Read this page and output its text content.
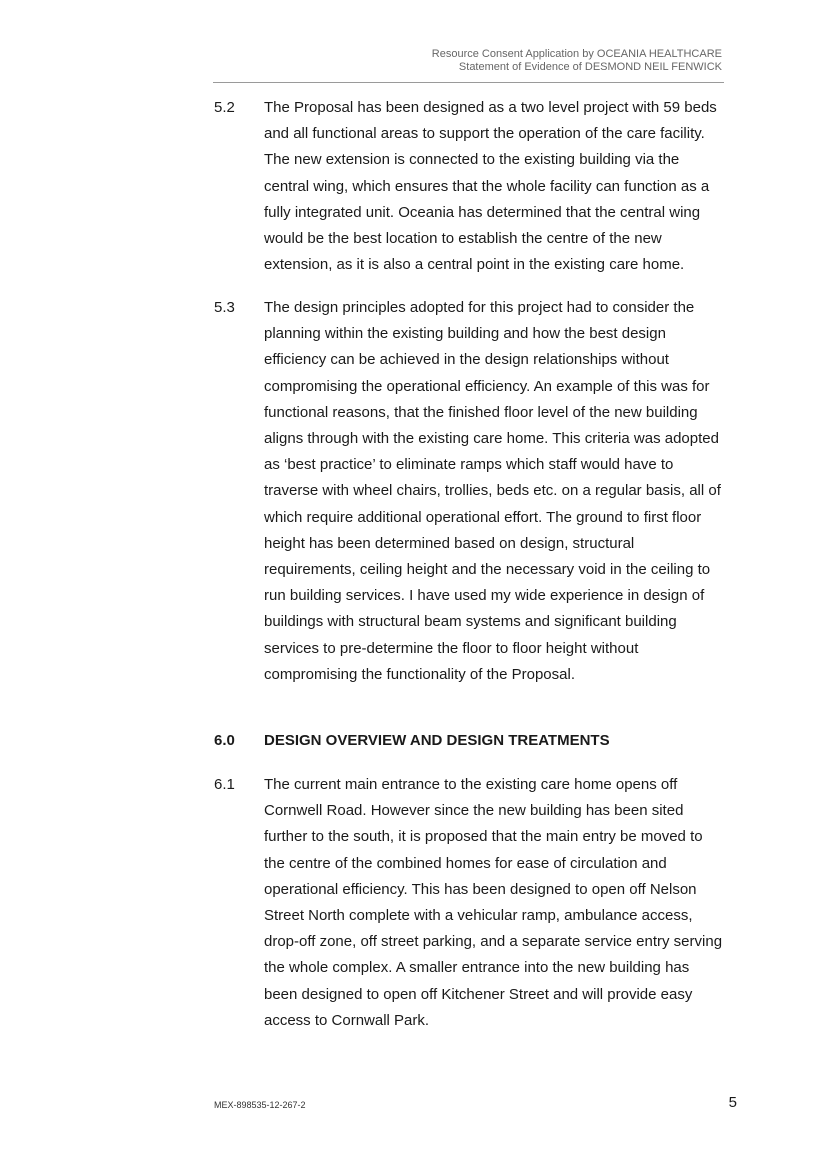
Resource Consent Application by OCEANIA HEALTHCARE
Statement of Evidence of DESMOND NEIL FENWICK
5.2 The Proposal has been designed as a two level project with 59 beds and all functional areas to support the operation of the care facility. The new extension is connected to the existing building via the central wing, which ensures that the whole facility can function as a fully integrated unit. Oceania has determined that the central wing would be the best location to establish the centre of the new extension, as it is also a central point in the existing care home.
5.3 The design principles adopted for this project had to consider the planning within the existing building and how the best design efficiency can be achieved in the design relationships without compromising the operational efficiency. An example of this was for functional reasons, that the finished floor level of the new building aligns through with the existing care home. This criteria was adopted as ‘best practice’ to eliminate ramps which staff would have to traverse with wheel chairs, trollies, beds etc. on a regular basis, all of which require additional operational effort. The ground to first floor height has been determined based on design, structural requirements, ceiling height and the necessary void in the ceiling to run building services. I have used my wide experience in design of buildings with structural beam systems and significant building services to pre-determine the floor to floor height without compromising the functionality of the Proposal.
6.0 DESIGN OVERVIEW AND DESIGN TREATMENTS
6.1 The current main entrance to the existing care home opens off Cornwell Road. However since the new building has been sited further to the south, it is proposed that the main entry be moved to the centre of the combined homes for ease of circulation and operational efficiency. This has been designed to open off Nelson Street North complete with a vehicular ramp, ambulance access, drop-off zone, off street parking, and a separate service entry serving the whole complex. A smaller entrance into the new building has been designed to open off Kitchener Street and will provide easy access to Cornwall Park.
MEX-898535-12-267-2	5
